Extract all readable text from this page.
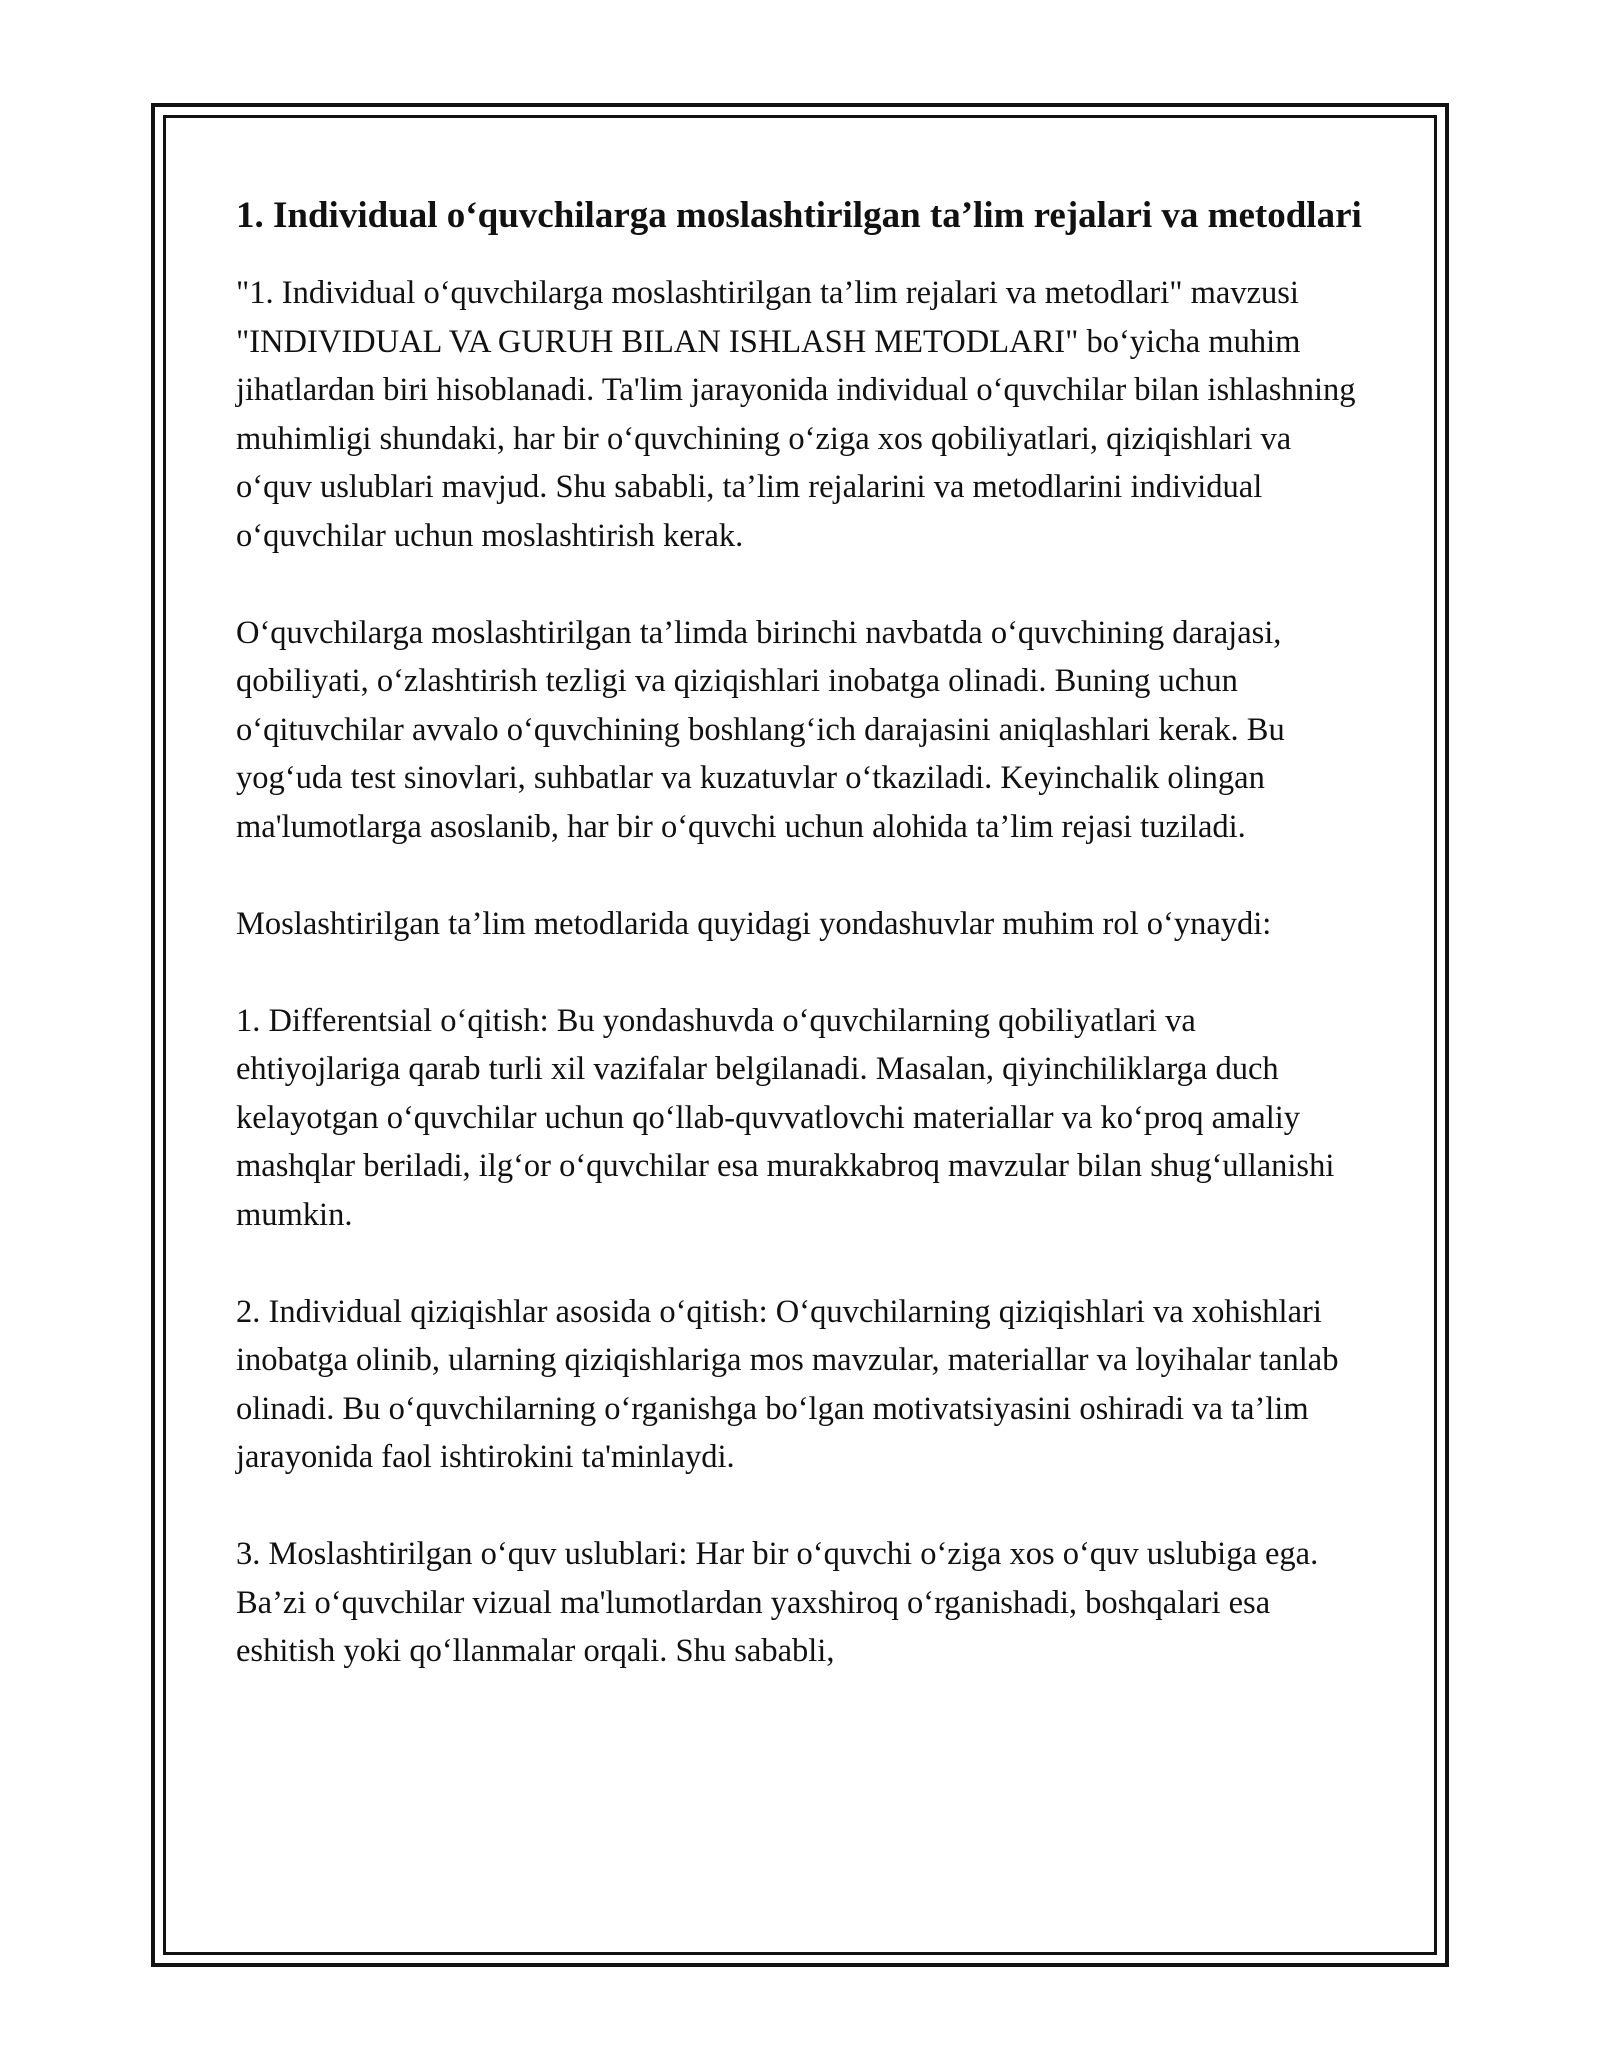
1. Individual o‘quvchilarga moslashtirilgan ta’lim rejalari va metodlari

"1. Individual o‘quvchilarga moslashtirilgan ta’lim rejalari va metodlari" mavzusi "INDIVIDUAL VA GURUH BILAN ISHLASH METODLARI" bo‘yicha muhim jihatlardan biri hisoblanadi. Ta'lim jarayonida individual o‘quvchilar bilan ishlashning muhimligi shundaki, har bir o‘quvchining o‘ziga xos qobiliyatlari, qiziqishlari va o‘quv uslublari mavjud. Shu sababli, ta’lim rejalarini va metodlarini individual o‘quvchilar uchun moslashtirish kerak.

O‘quvchilarga moslashtirilgan ta’limda birinchi navbatda o‘quvchining darajasi, qobiliyati, o‘zlashtirish tezligi va qiziqishlari inobatga olinadi. Buning uchun o‘qituvchilar avvalo o‘quvchining boshlang‘ich darajasini aniqlashlari kerak. Bu yog‘uda test sinovlari, suhbatlar va kuzatuvlar o‘tkaziladi. Keyinchalik olingan ma'lumotlarga asoslanib, har bir o‘quvchi uchun alohida ta’lim rejasi tuziladi.

Moslashtirilgan ta’lim metodlarida quyidagi yondashuvlar muhim rol o‘ynaydi:

1. Differentsial o‘qitish: Bu yondashuvda o‘quvchilarning qobiliyatlari va ehtiyojlariga qarab turli xil vazifalar belgilanadi. Masalan, qiyinchiliklarga duch kelayotgan o‘quvchilar uchun qo‘llab-quvvatlovchi materiallar va ko‘proq amaliy mashqlar beriladi, ilg‘or o‘quvchilar esa murakkabroq mavzular bilan shug‘ullanishi mumkin.

2. Individual qiziqishlar asosida o‘qitish: O‘quvchilarning qiziqishlari va xohishlari inobatga olinib, ularning qiziqishlariga mos mavzular, materiallar va loyihalar tanlab olinadi. Bu o‘quvchilarning o‘rganishga bo‘lgan motivatsiyasini oshiradi va ta’lim jarayonida faol ishtirokini ta'minlaydi.

3. Moslashtirilgan o‘quv uslublari: Har bir o‘quvchi o‘ziga xos o‘quv uslubiga ega. Ba’zi o‘quvchilar vizual ma'lumotlardan yaxshiroq o‘rganishadi, boshqalari esa eshitish yoki qo‘llanmalar orqali. Shu sababli,
